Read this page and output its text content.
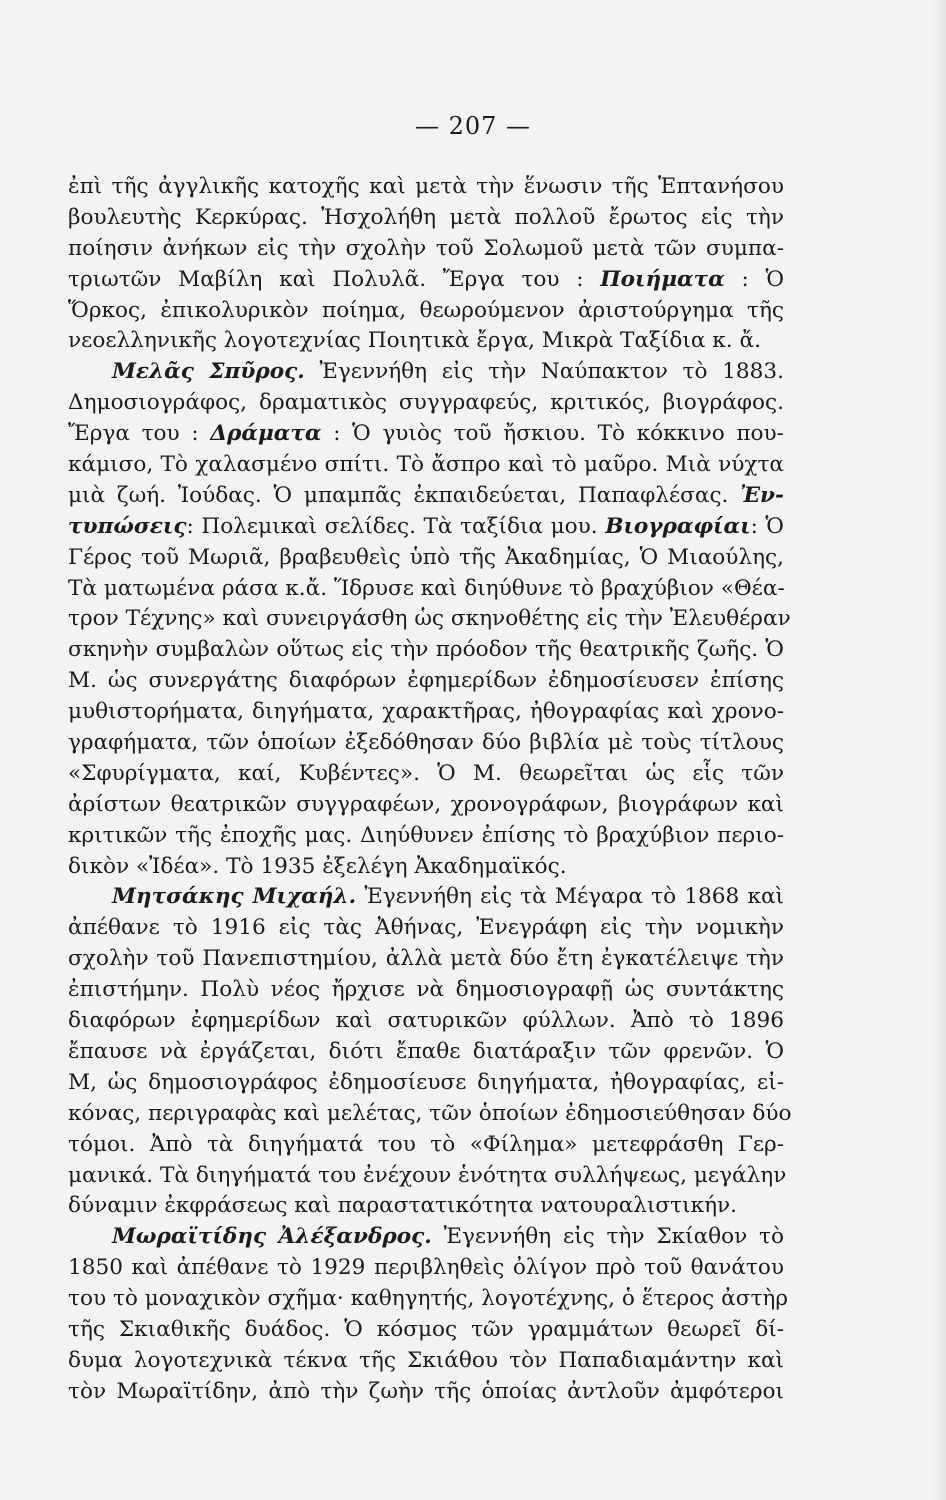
— 207 —
ἐπὶ τῆς ἀγγλικῆς κατοχῆς καὶ μετὰ τὴν ἕνωσιν τῆς Ἑπτανήσου
βουλευτὴς Κερκύρας. Ἠσχολήθη μετὰ πολλοῦ ἔρωτος εἰς τὴν
ποίησιν ἀνήκων εἰς τὴν σχολὴν τοῦ Σολωμοῦ μετὰ τῶν συμπα-
τριωτῶν Μαβίλη καὶ Πολυλᾶ. Ἔργα του : Ποιήματα : Ὁ
Ὅρκος, ἐπικολυρικὸν ποίημα, θεωρούμενον ἀριστούργημα τῆς
νεοελληνικῆς λογοτεχνίας Ποιητικὰ ἔργα, Μικρὰ Ταξίδια κ. ἄ.
Μελᾶς Σπῦρος. Ἐγεννήθη εἰς τὴν Ναύπακτον τὸ 1883.
Δημοσιογράφος, δραματικὸς συγγραφεύς, κριτικός, βιογράφος.
Ἔργα του : Δράματα : Ὁ γυιὸς τοῦ ἤσκιου. Τὸ κόκκινο που-
κάμισο, Τὸ χαλασμένο σπίτι. Τὸ ἄσπρο καὶ τὸ μαῦρο. Μιὰ νύχτα
μιὰ ζωή. Ἰούδας. Ὁ μπαμπᾶς ἐκπαιδεύεται, Παπαφλέσας. Ἐν-
τυπώσεις: Πολεμικαὶ σελίδες. Τὰ ταξίδια μου. Βιογραφίαι: Ὁ
Γέρος τοῦ Μωριᾶ, βραβευθεὶς ὑπὸ τῆς Ἀκαδημίας, Ὁ Μιαούλης,
Τὰ ματωμένα ράσα κ.ἄ. Ἵδρυσε καὶ διηύθυνε τὸ βραχύβιον «Θέα-
τρον Τέχνης» καὶ συνειργάσθη ὡς σκηνοθέτης εἰς τὴν Ἐλευθέραν
σκηνὴν συμβαλὼν οὕτως εἰς τὴν πρόοδον τῆς θεατρικῆς ζωῆς. Ὁ
Μ. ὡς συνεργάτης διαφόρων ἐφημερίδων ἐδημοσίευσεν ἐπίσης
μυθιστορήματα, διηγήματα, χαρακτῆρας, ἠθογραφίας καὶ χρονο-
γραφήματα, τῶν ὁποίων ἐξεδόθησαν δύο βιβλία μὲ τοὺς τίτλους
«Σφυρίγματα, καί, Κυβέντες». Ὁ Μ. θεωρεῖται ὡς εἷς τῶν
ἀρίστων θεατρικῶν συγγραφέων, χρονογράφων, βιογράφων καὶ
κριτικῶν τῆς ἐποχῆς μας. Διηύθυνεν ἐπίσης τὸ βραχύβιον περιο-
δικὸν «Ἰδέα». Τὸ 1935 ἐξελέγη Ἀκαδημαϊκός.
Μητσάκης Μιχαήλ. Ἐγεννήθη εἰς τὰ Μέγαρα τὸ 1868 καὶ
ἀπέθανε τὸ 1916 εἰς τὰς Ἀθήνας, Ἐνεγράφη εἰς τὴν νομικὴν
σχολὴν τοῦ Πανεπιστημίου, ἀλλὰ μετὰ δύο ἔτη ἐγκατέλειψε τὴν
ἐπιστήμην. Πολὺ νέος ἤρχισε νὰ δημοσιογραφῇ ὡς συντάκτης
διαφόρων ἐφημερίδων καὶ σατυρικῶν φύλλων. Ἀπὸ τὸ 1896
ἔπαυσε νὰ ἐργάζεται, διότι ἔπαθε διατάραξιν τῶν φρενῶν. Ὁ
Μ, ὡς δημοσιογράφος ἐδημοσίευσε διηγήματα, ἠθογραφίας, εἰ-
κόνας, περιγραφὰς καὶ μελέτας, τῶν ὁποίων ἐδημοσιεύθησαν δύο
τόμοι. Ἀπὸ τὰ διηγήματά του τὸ «Φίλημα» μετεφράσθη Γερ-
μανικά. Τὰ διηγήματά του ἐνέχουν ἑνότητα συλλήψεως, μεγάλην
δύναμιν ἐκφράσεως καὶ παραστατικότητα νατουραλιστικήν.
Μωραϊτίδης Ἀλέξανδρος. Ἐγεννήθη εἰς τὴν Σκίαθον τὸ
1850 καὶ ἀπέθανε τὸ 1929 περιβληθεὶς ὀλίγον πρὸ τοῦ θανάτου
του τὸ μοναχικὸν σχῆμα· καθηγητής, λογοτέχνης, ὁ ἕτερος ἀστὴρ
τῆς Σκιαθικῆς δυάδος. Ὁ κόσμος τῶν γραμμάτων θεωρεῖ δί-
δυμα λογοτεχνικὰ τέκνα τῆς Σκιάθου τὸν Παπαδιαμάντην καὶ
τὸν Μωραϊτίδην, ἀπὸ τὴν ζωὴν τῆς ὁποίας ἀντλοῦν ἀμφότεροι
